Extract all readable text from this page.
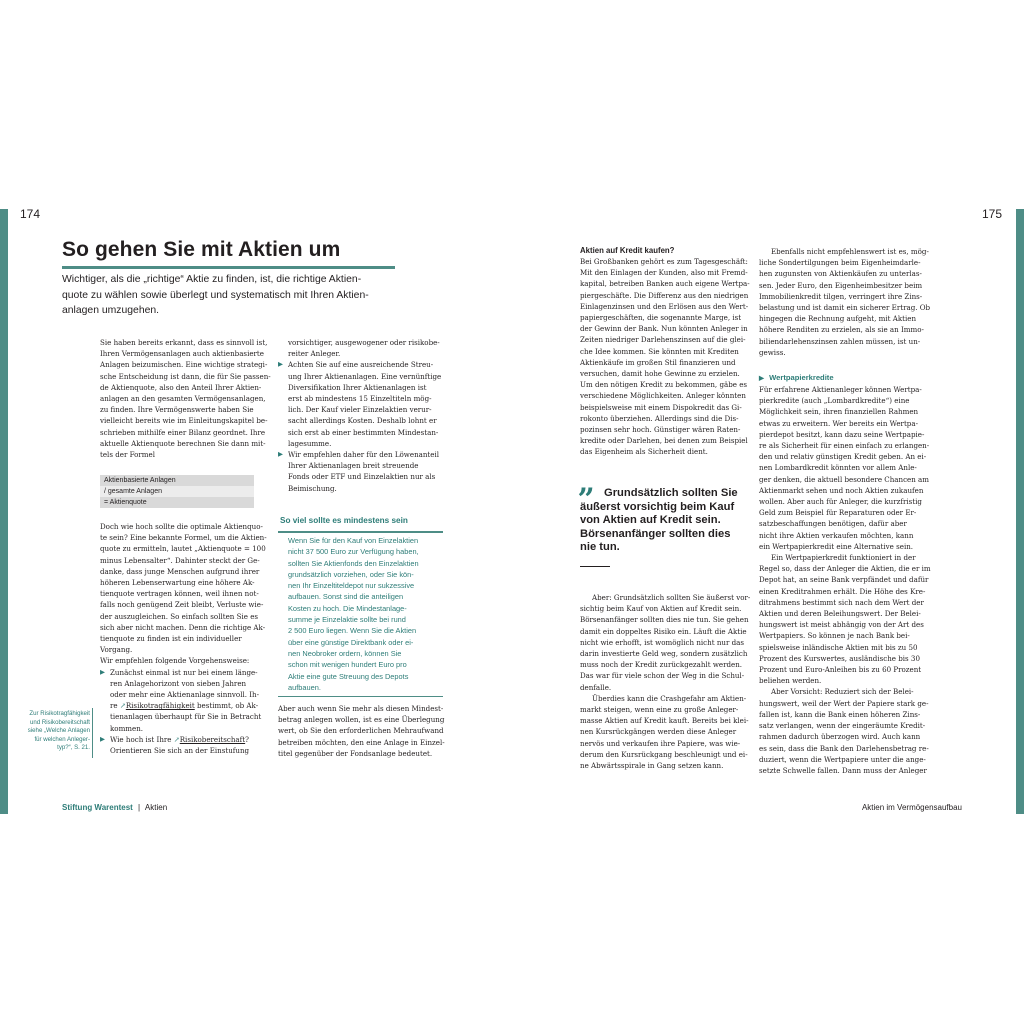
174	175
So gehen Sie mit Aktien um
Wichtiger, als die „richtige“ Aktie zu finden, ist, die richtige Aktien-
quote zu wählen sowie überlegt und systematisch mit Ihren Aktien-
anlagen umzugehen.
Sie haben bereits erkannt, dass es sinnvoll ist,
Ihren Vermögensanlagen auch aktienbasierte
Anlagen beizumischen. Eine wichtige strategi-
sche Entscheidung ist dann, die für Sie passen-
de Aktienquote, also den Anteil Ihrer Aktien-
anlagen an den gesamten Vermögensanlagen,
zu finden. Ihre Vermögenswerte haben Sie
vielleicht bereits wie im Einleitungskapitel be-
schrieben mithilfe einer Bilanz geordnet. Ihre
aktuelle Aktienquote berechnen Sie dann mit-
tels der Formel
Aktienbasierte Anlagen
/ gesamte Anlagen
= Aktienquote
Doch wie hoch sollte die optimale Aktienquo-
te sein? Eine bekannte Formel, um die Aktien-
quote zu ermitteln, lautet „Aktienquote = 100
minus Lebensalter“. Dahinter steckt der Ge-
danke, dass junge Menschen aufgrund ihrer
höheren Lebenserwartung eine höhere Ak-
tienquote vertragen können, weil ihnen not-
falls noch genügend Zeit bleibt, Verluste wie-
der auszugleichen. So einfach sollten Sie es
sich aber nicht machen. Denn die richtige Ak-
tienquote zu finden ist ein individueller
Vorgang.
Wir empfehlen folgende Vorgehensweise:
▶ Zunächst einmal ist nur bei einem länge-
ren Anlagehorizont von sieben Jahren
oder mehr eine Aktienanlage sinnvoll. Ih-
re ↗Risikotragfähigkeit bestimmt, ob Ak-
tienanlagen überhaupt für Sie in Betracht
kommen.
▶ Wie hoch ist Ihre ↗Risikobereitschaft?
Orientieren Sie sich an der Einstufung
Zur Risikotragfähigkeit
und Risikobereitschaft
siehe „Welche Anlagen
für welchen Anleger-
typ?“, S. 21.
vorsichtiger, ausgewogener oder risikobe-
reiter Anleger.
▶ Achten Sie auf eine ausreichende Streu-
ung Ihrer Aktienanlagen. Eine vernünftige
Diversifikation Ihrer Aktienanlagen ist
erst ab mindestens 15 Einzeltiteln mög-
lich. Der Kauf vieler Einzelaktien verur-
sacht allerdings Kosten. Deshalb lohnt er
sich erst ab einer bestimmten Mindestan-
lagesumme.
▶ Wir empfehlen daher für den Löwenanteil
Ihrer Aktienanlagen breit streuende
Fonds oder ETF und Einzelaktien nur als
Beimischung.
So viel sollte es mindestens sein
Wenn Sie für den Kauf von Einzelaktien
nicht 37 500 Euro zur Verfügung haben,
sollten Sie Aktienfonds den Einzelaktien
grundsätzlich vorziehen, oder Sie kön-
nen Ihr Einzeltiteldepot nur sukzessive
aufbauen. Sonst sind die anteiligen
Kosten zu hoch. Die Mindestanlage-
summe je Einzelaktie sollte bei rund
2 500 Euro liegen. Wenn Sie die Aktien
über eine günstige Direktbank oder ei-
nen Neobroker ordern, können Sie
schon mit wenigen hundert Euro pro
Aktie eine gute Streuung des Depots
aufbauen.
Aber auch wenn Sie mehr als diesen Mindest-
betrag anlegen wollen, ist es eine Überlegung
wert, ob Sie den erforderlichen Mehraufwand
betreiben möchten, den eine Anlage in Einzel-
titel gegenüber der Fondsanlage bedeutet.
Aktien auf Kredit kaufen?
Bei Großbanken gehört es zum Tagesgeschäft:
Mit den Einlagen der Kunden, also mit Fremd-
kapital, betreiben Banken auch eigene Wertpa-
piergeschäfte. Die Differenz aus den niedrigen
Einlagenzinsen und den Erlösen aus den Wert-
papiergeschäften, die sogenannte Marge, ist
der Gewinn der Bank. Nun könnten Anleger in
Zeiten niedriger Darlehenszinsen auf die glei-
che Idee kommen. Sie könnten mit Krediten
Aktienkäufe im großen Stil finanzieren und
versuchen, damit hohe Gewinne zu erzielen.
Um den nötigen Kredit zu bekommen, gäbe es
verschiedene Möglichkeiten. Anleger könnten
beispielsweise mit einem Dispokredit das Gi-
rokonto überziehen. Allerdings sind die Dis-
pozinsen sehr hoch. Günstiger wären Raten-
kredite oder Darlehen, bei denen zum Beispiel
das Eigenheim als Sicherheit dient.
„ Grundsätzlich sollten Sie
äußerst vorsichtig beim Kauf
von Aktien auf Kredit sein.
Börsenanfänger sollten dies
nie tun.
Aber: Grundsätzlich sollten Sie äußerst vor-
sichtig beim Kauf von Aktien auf Kredit sein.
Börsenanfänger sollten dies nie tun. Sie gehen
damit ein doppeltes Risiko ein. Läuft die Aktie
nicht wie erhofft, ist womöglich nicht nur das
darin investierte Geld weg, sondern zusätzlich
muss noch der Kredit zurückgezahlt werden.
Das war für viele schon der Weg in die Schul-
denfalle.
Überdies kann die Crashgefahr am Aktien-
markt steigen, wenn eine zu große Anleger-
masse Aktien auf Kredit kauft. Bereits bei klei-
nen Kursrückgängen werden diese Anleger
nervös und verkaufen ihre Papiere, was wie-
derum den Kursrückgang beschleunigt und ei-
ne Abwärtsspirale in Gang setzen kann.
Ebenfalls nicht empfehlenswert ist es, mög-
liche Sondertilgungen beim Eigenheimdarle-
hen zugunsten von Aktienkäufen zu unterlas-
sen. Jeder Euro, den Eigenheimbesitzer beim
Immobilienkredit tilgen, verringert ihre Zins-
belastung und ist damit ein sicherer Ertrag. Ob
hingegen die Rechnung aufgeht, mit Aktien
höhere Renditen zu erzielen, als sie an Immo-
biliendarlehenszinsen zahlen müssen, ist un-
gewiss.
▶ Wertpapierkredite
Für erfahrene Aktienanleger können Wertpa-
pierkredite (auch „Lombardkredite“) eine
Möglichkeit sein, ihren finanziellen Rahmen
etwas zu erweitern. Wer bereits ein Wertpa-
pierdepot besitzt, kann dazu seine Wertpapie-
re als Sicherheit für einen einfach zu erlangen-
den und relativ günstigen Kredit geben. An ei-
nen Lombardkredit könnten vor allem Anle-
ger denken, die aktuell besondere Chancen am
Aktienmarkt sehen und noch Aktien zukaufen
wollen. Aber auch für Anleger, die kurzfristig
Geld zum Beispiel für Reparaturen oder Er-
satzbeschaffungen benötigen, dafür aber
nicht ihre Aktien verkaufen möchten, kann
ein Wertpapierkredit eine Alternative sein.
Ein Wertpapierkredit funktioniert in der
Regel so, dass der Anleger die Aktien, die er im
Depot hat, an seine Bank verpfändet und dafür
einen Kreditrahmen erhält. Die Höhe des Kre-
ditrahmens bestimmt sich nach dem Wert der
Aktien und deren Beleihungswert. Der Belei-
hungswert ist meist abhängig von der Art des
Wertpapiers. So können je nach Bank bei-
spielsweise inländische Aktien mit bis zu 50
Prozent des Kurswertes, ausländische bis 30
Prozent und Euro-Anleihen bis zu 60 Prozent
beliehen werden.
Aber Vorsicht: Reduziert sich der Belei-
hungswert, weil der Wert der Papiere stark ge-
fallen ist, kann die Bank einen höheren Zins-
satz verlangen, wenn der eingeräumte Kredit-
rahmen dadurch überzogen wird. Auch kann
es sein, dass die Bank den Darlehensbetrag re-
duziert, wenn die Wertpapiere unter die ange-
setzte Schwelle fallen. Dann muss der Anleger
Stiftung Warentest | Aktien	Aktien im Vermögensaufbau
